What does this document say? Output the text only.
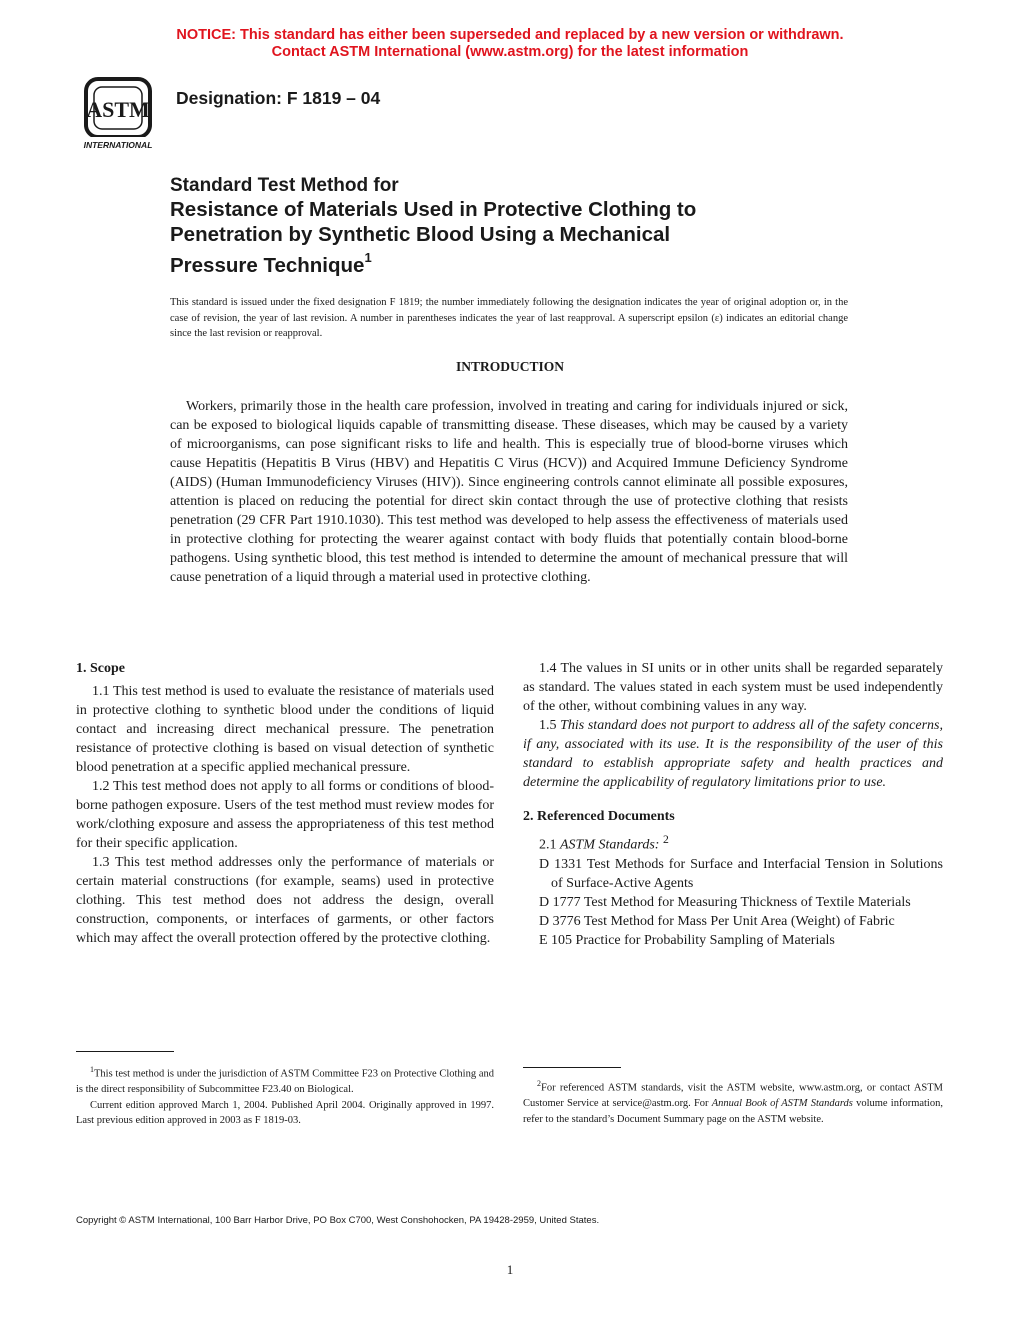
NOTICE: This standard has either been superseded and replaced by a new version or withdrawn.
Contact ASTM International (www.astm.org) for the latest information
ASTM
INTERNATIONAL
Designation: F 1819 – 04
Standard Test Method for
Resistance of Materials Used in Protective Clothing to
Penetration by Synthetic Blood Using a Mechanical
Pressure Technique$^1$
This standard is issued under the fixed designation F 1819; the number immediately following the designation indicates the year of original adoption or, in the case of revision, the year of last revision. A number in parentheses indicates the year of last reapproval. A superscript epsilon (ε) indicates an editorial change since the last revision or reapproval.
INTRODUCTION

Workers, primarily those in the health care profession, involved in treating and caring for individuals injured or sick, can be exposed to biological liquids capable of transmitting disease. These diseases, which may be caused by a variety of microorganisms, can pose significant risks to life and health. This is especially true of blood-borne viruses which cause Hepatitis (Hepatitis B Virus (HBV) and Hepatitis C Virus (HCV)) and Acquired Immune Deficiency Syndrome (AIDS) (Human Immunodeficiency Viruses (HIV)). Since engineering controls cannot eliminate all possible exposures, attention is placed on reducing the potential for direct skin contact through the use of protective clothing that resists penetration (29 CFR Part 1910.1030). This test method was developed to help assess the effectiveness of materials used in protective clothing for protecting the wearer against contact with body fluids that potentially contain blood-borne pathogens. Using synthetic blood, this test method is intended to determine the amount of mechanical pressure that will cause penetration of a liquid through a material used in protective clothing.

1. Scope

1.1 This test method is used to evaluate the resistance of materials used in protective clothing to synthetic blood under the conditions of liquid contact and increasing direct mechanical pressure. The penetration resistance of protective clothing is based on visual detection of synthetic blood penetration at a specific applied mechanical pressure.

1.2 This test method does not apply to all forms or conditions of blood-borne pathogen exposure. Users of the test method must review modes for work/clothing exposure and assess the appropriateness of this test method for their specific application.

1.3 This test method addresses only the performance of materials or certain material constructions (for example, seams) used in protective clothing. This test method does not address the design, overall construction, components, or interfaces of garments, or other factors which may affect the overall protection offered by the protective clothing.

1.4 The values in SI units or in other units shall be regarded separately as standard. The values stated in each system must be used independently of the other, without combining values in any way.

1.5 This standard does not purport to address all of the safety concerns, if any, associated with its use. It is the responsibility of the user of this standard to establish appropriate safety and health practices and determine the applicability of regulatory limitations prior to use.

2. Referenced Documents

2.1 ASTM Standards: $^2$

D 1331 Test Methods for Surface and Interfacial Tension in Solutions of Surface-Active Agents

D 1777 Test Method for Measuring Thickness of Textile Materials

D 3776 Test Method for Mass Per Unit Area (Weight) of Fabric

E 105 Practice for Probability Sampling of Materials

$^1$This test method is under the jurisdiction of ASTM Committee F23 on Protective Clothing and is the direct responsibility of Subcommittee F23.40 on Biological.

Current edition approved March 1, 2004. Published April 2004. Originally approved in 1997. Last previous edition approved in 2003 as F 1819-03.

$^2$For referenced ASTM standards, visit the ASTM website, www.astm.org, or contact ASTM Customer Service at service@astm.org. For Annual Book of ASTM Standards volume information, refer to the standard’s Document Summary page on the ASTM website.

Copyright © ASTM International, 100 Barr Harbor Drive, PO Box C700, West Conshohocken, PA 19428-2959, United States.
1
